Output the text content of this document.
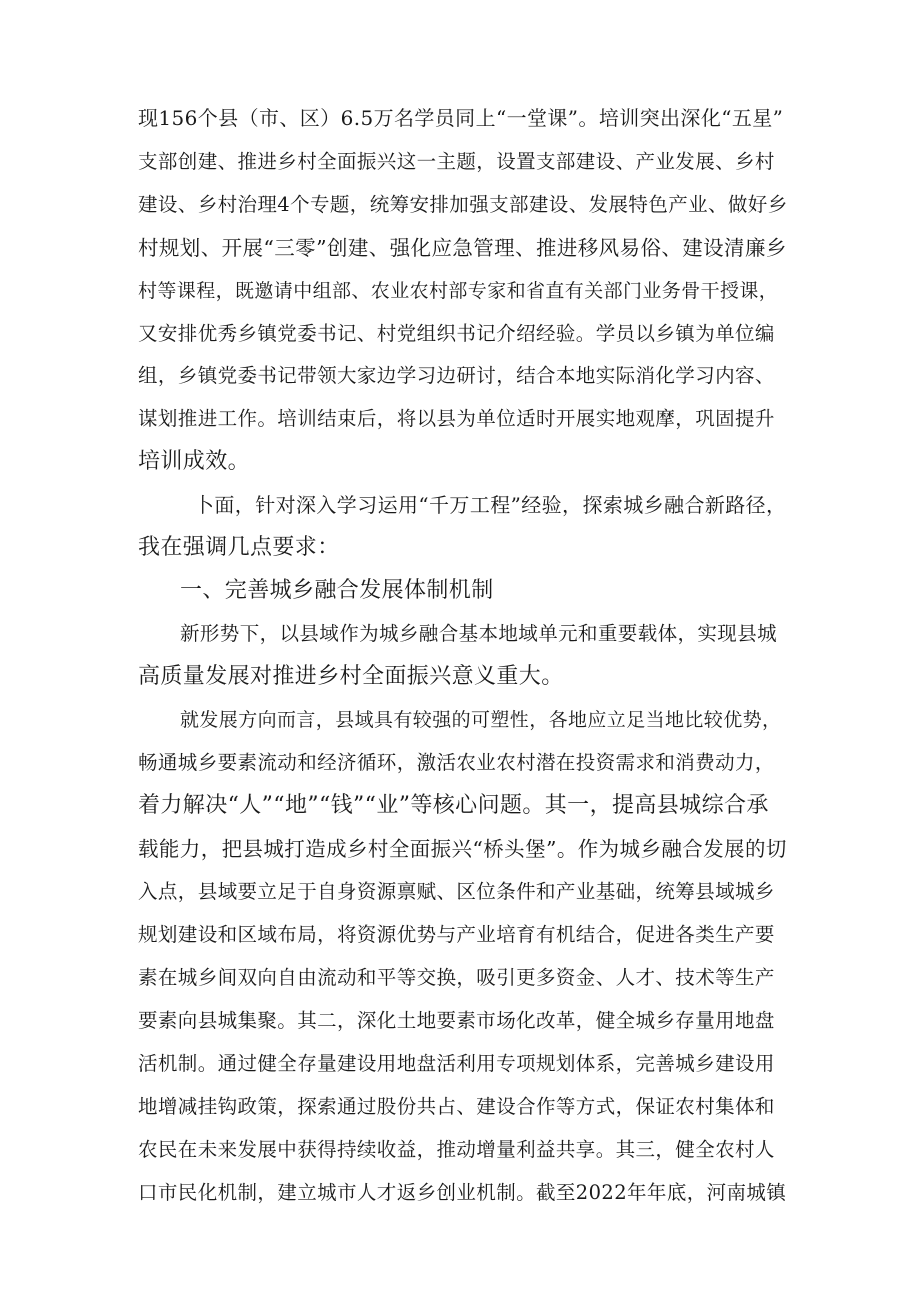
现156个县（市、区）6.5万名学员同上“一堂课”。培训突出深化“五星”
支部创建、推进乡村全面振兴这一主题，设置支部建设、产业发展、乡村
建设、乡村治理4个专题，统筹安排加强支部建设、发展特色产业、做好乡
村规划、开展“三零”创建、强化应急管理、推进移风易俗、建设清廉乡
村等课程，既邀请中组部、农业农村部专家和省直有关部门业务骨干授课，
又安排优秀乡镇党委书记、村党组织书记介绍经验。学员以乡镇为单位编
组，乡镇党委书记带领大家边学习边研讨，结合本地实际消化学习内容、
谋划推进工作。培训结束后，将以县为单位适时开展实地观摩，巩固提升
培训成效。
卜面，针对深入学习运用“千万工程”经验，探索城乡融合新路径，
我在强调几点要求：
一、完善城乡融合发展体制机制
新形势下，以县域作为城乡融合基本地域单元和重要载体，实现县城
高质量发展对推进乡村全面振兴意义重大。
就发展方向而言，县域具有较强的可塑性，各地应立足当地比较优势，
畅通城乡要素流动和经济循环，激活农业农村潜在投资需求和消费动力，
着力解决“人”“地”“钱”“业”等核心问题。其一，提高县城综合承
载能力，把县城打造成乡村全面振兴“桥头堡”。作为城乡融合发展的切
入点，县域要立足于自身资源禀赋、区位条件和产业基础，统筹县域城乡
规划建设和区域布局，将资源优势与产业培育有机结合，促进各类生产要
素在城乡间双向自由流动和平等交换，吸引更多资金、人才、技术等生产
要素向县城集聚。其二，深化土地要素市场化改革，健全城乡存量用地盘
活机制。通过健全存量建设用地盘活利用专项规划体系，完善城乡建设用
地增减挂钩政策，探索通过股份共占、建设合作等方式，保证农村集体和
农民在未来发展中获得持续收益，推动增量利益共享。其三，健全农村人
口市民化机制，建立城市人才返乡创业机制。截至2022年年底，河南城镇
